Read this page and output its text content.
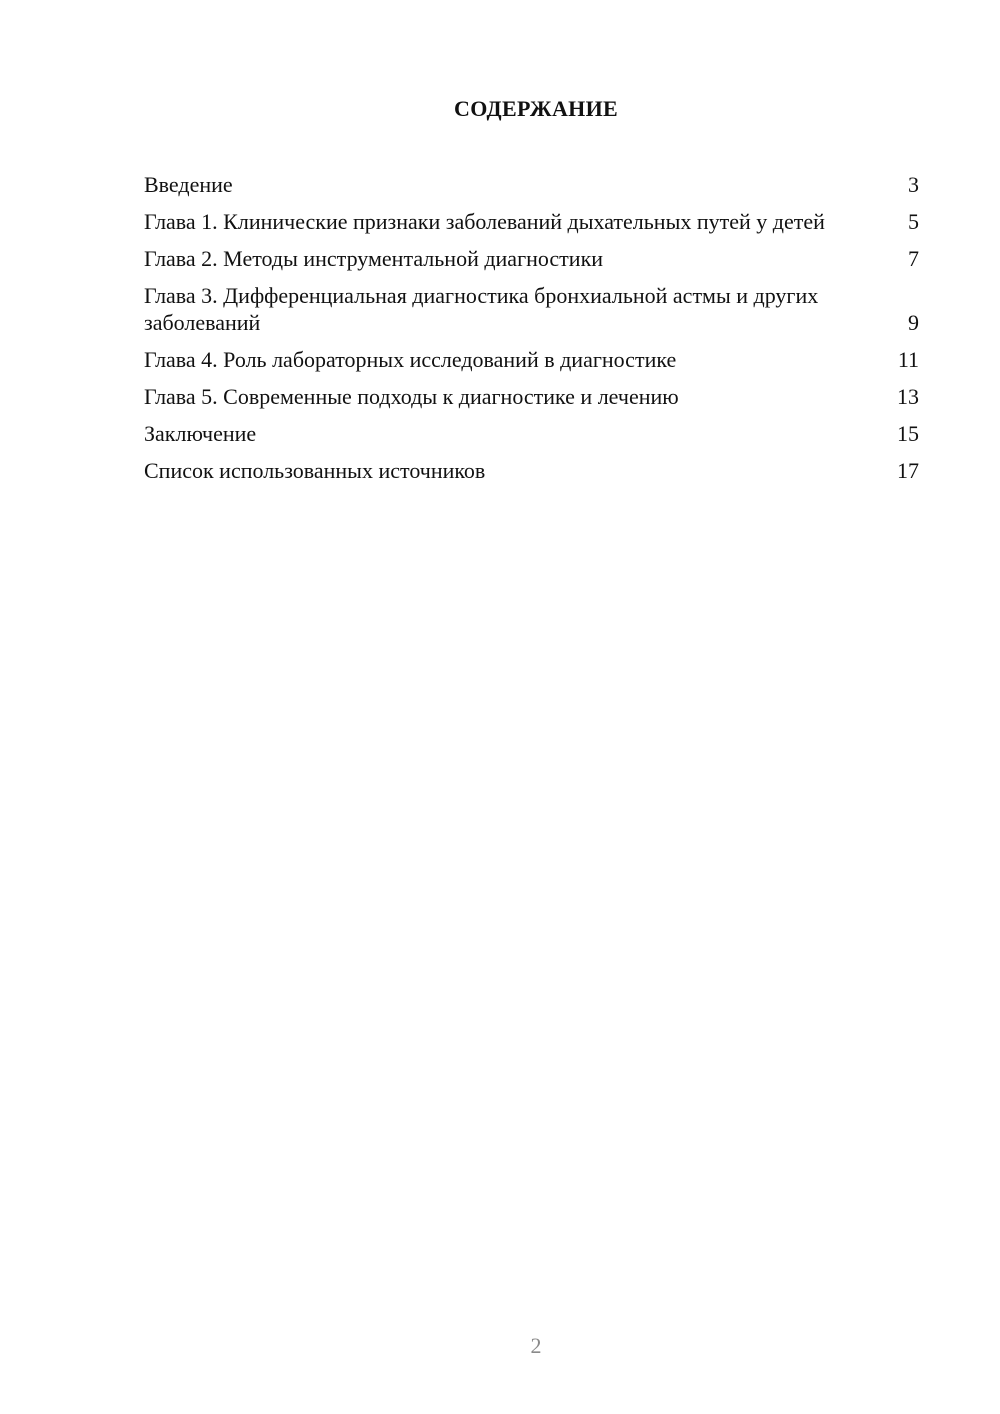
СОДЕРЖАНИЕ
Введение	3
Глава 1. Клинические признаки заболеваний дыхательных путей у детей	5
Глава 2. Методы инструментальной диагностики	7
Глава 3. Дифференциальная диагностика бронхиальной астмы и других заболеваний	9
Глава 4. Роль лабораторных исследований в диагностике	11
Глава 5. Современные подходы к диагностике и лечению	13
Заключение	15
Список использованных источников	17
2
